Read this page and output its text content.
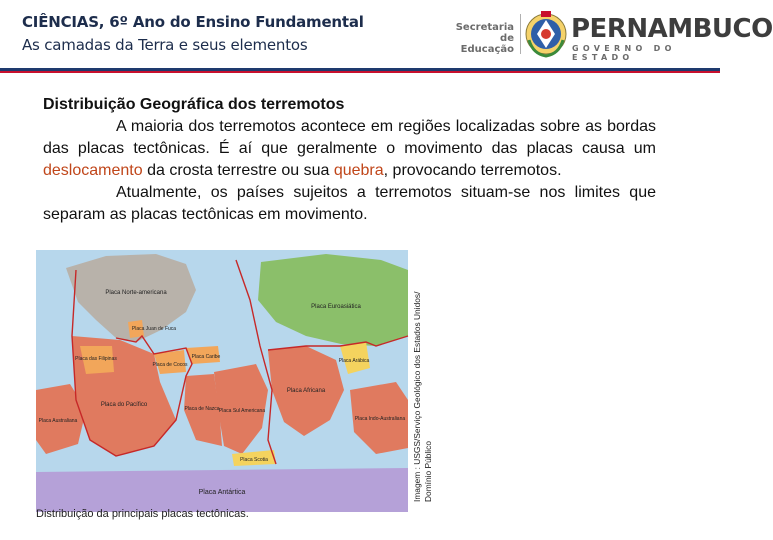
CIÊNCIAS, 6º Ano do Ensino Fundamental
As camadas da Terra e seus elementos
Secretaria de
Educação
PERNAMBUCO
GOVERNO DO ESTADO
Distribuição Geográfica dos terremotos

A maioria dos terremotos acontece em regiões localizadas sobre as bordas das placas tectônicas. É aí que geralmente o movimento das placas causa um deslocamento da crosta terrestre ou sua quebra, provocando terremotos.

Atualmente, os países sujeitos a terremotos situam-se nos limites que separam as placas tectônicas em movimento.

Placa Norte-americana
Placa Euroasiática
Placa Juan de Fuca
Placa das Filipinas	Placa Caribe
Placa de Cocos
Placa Arábica
Placa do Pacífico
Placa de Nazca Placa Sul Americana
Placa Africana
Placa Australiana	Placa Indo-Australiana
Placa Scotia
Placa Antártica
Distribuição da principais placas tectônicas.
Imagem : USGS/Serviço Geológico dos Estados Unidos/ Domínio Público
